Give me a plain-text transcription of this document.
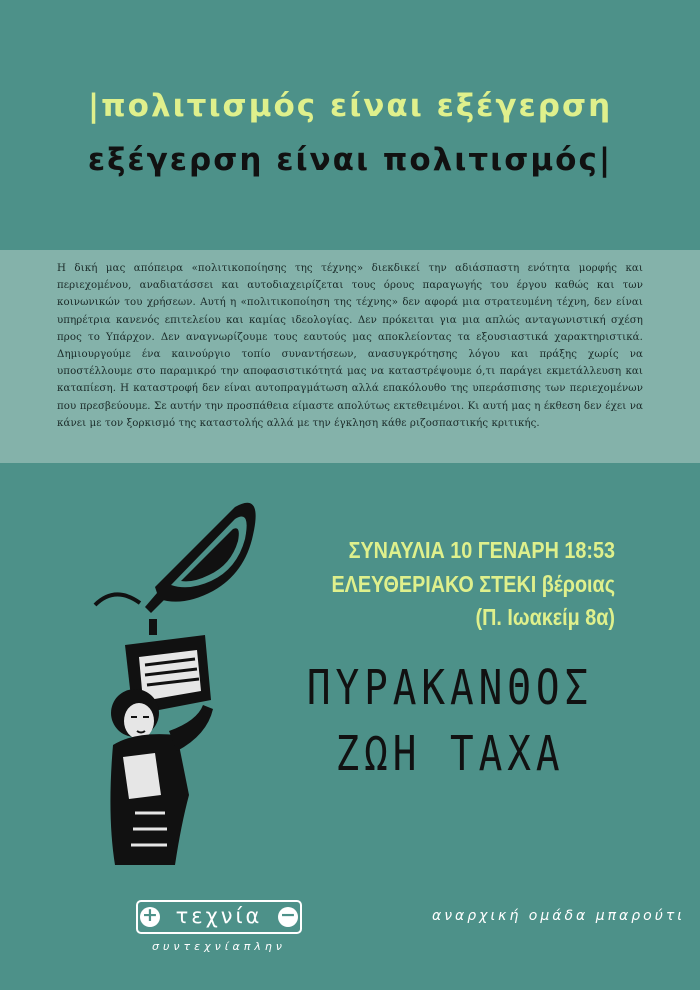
|πολιτισμός είναι εξέγερση
εξέγερση είναι πολιτισμός|

Η δική μας απόπειρα «πολιτικοποίησης της τέχνης» διεκδικεί την αδιάσπαστη ενότητα μορφής και περιεχομένου, αναδιατάσσει και αυτοδιαχειρίζεται τους όρους παραγωγής του έργου καθώς και των κοινωνικών του χρήσεων. Αυτή η «πολιτικοποίηση της τέχνης» δεν αφορά μια στρατευμένη τέχνη, δεν είναι υπηρέτρια κανενός επιτελείου και καμίας ιδεολογίας. Δεν πρόκειται για μια απλώς ανταγωνιστική σχέση προς το Υπάρχον. Δεν αναγνωρίζουμε τους εαυτούς μας αποκλείοντας τα εξουσιαστικά χαρακτηριστικά. Δημιουργούμε ένα καινούργιο τοπίο συναντήσεων, ανασυγκρότησης λόγου και πράξης χωρίς να υποστέλλουμε στο παραμικρό την αποφασιστικότητά μας να καταστρέψουμε ό,τι παράγει εκμετάλλευση και καταπίεση. Η καταστροφή δεν είναι αυτοπραγμάτωση αλλά επακόλουθο της υπεράσπισης των περιεχομένων που πρεσβεύουμε. Σε αυτήν την προσπάθεια είμαστε απολύτως εκτεθειμένοι. Κι αυτή μας η έκθεση δεν έχει να κάνει με τον ξορκισμό της καταστολής αλλά με την έγκληση κάθε ριζοσπαστικής κριτικής.

ΣΥΝΑΥΛΙΑ 10 ΓΕΝΑΡΗ 18:53
ΕΛΕΥΘΕΡΙΑΚΟ ΣΤΕΚΙ βέροιας
(Π. Ιωακείμ 8α)
ΠΥΡΑΚΑΝΘΟΣ
ΖΩΗ ΤΑΧΑ
+	−
τεχνία
συντεχνίαπλην
αναρχική ομάδα μπαρούτι
